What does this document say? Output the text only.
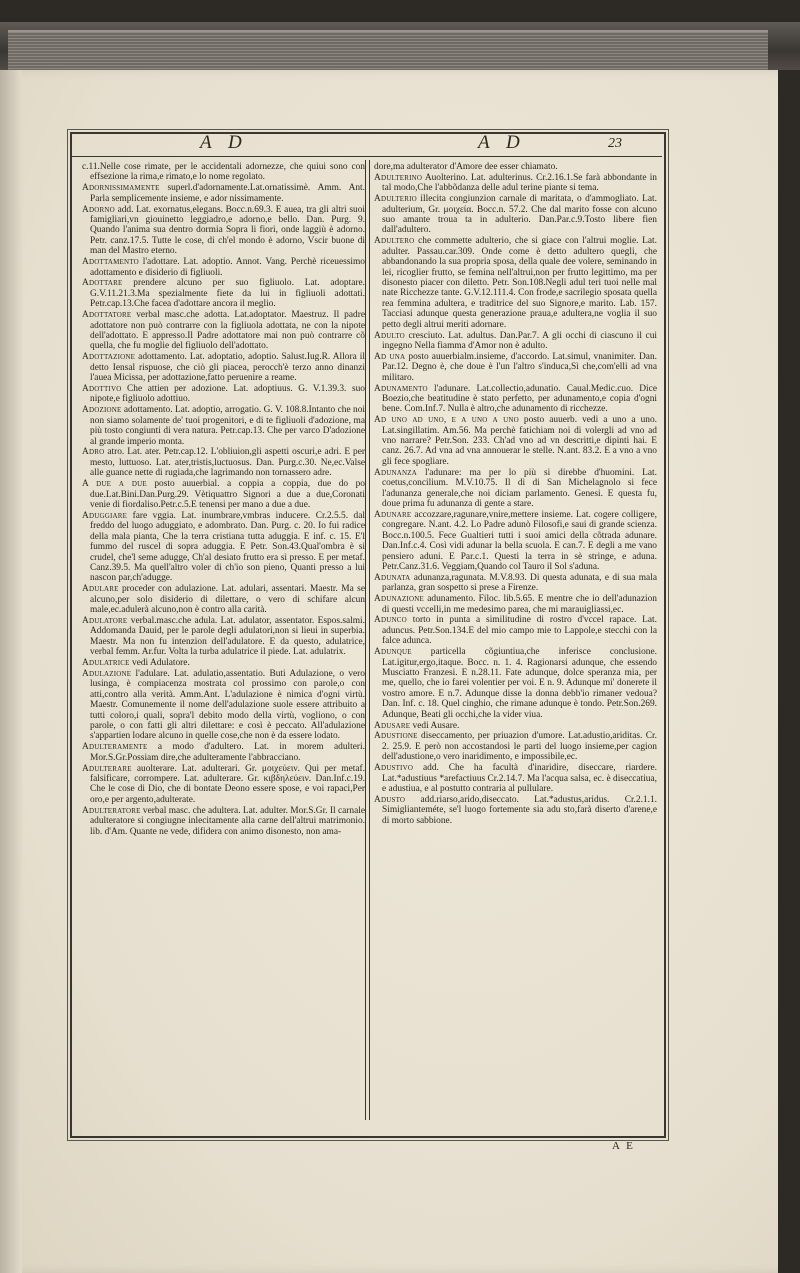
A D	A D	23

c.11.Nelle cose rimate, per le accidentali adornezze, che quiui sono con effsezione la rima,e rimato,e lo nome regolato.

Adornissimamente superl.d'adornamente.Lat.ornatissimè. Amm. Ant. Parla semplicemente insieme, e ador nissimamente.

Adorno add. Lat. exornatus,elegans. Bocc.n.69.3. E auea, tra gli altri suoi famigliari,vn giouinetto leggiadro,e adorno,e bello. Dan. Purg. 9. Quando l'anima sua dentro dormia Sopra li fiori, onde laggiù è adorno. Petr. canz.17.5. Tutte le cose, di ch'el mondo è adorno, Vscir buone di man del Mastro eterno.

Adottamento l'adottare. Lat. adoptio. Annot. Vang. Perchè riceuessimo adottamento e disiderio di figliuoli.

Adottare prendere alcuno per suo figliuolo. Lat. adoptare. G.V.11.21.3.Ma spezialmente fiete da lui in figliuoli adottati. Petr.cap.13.Che facea d'adottare ancora il meglio.

Adottatore verbal masc.che adotta. Lat.adoptator. Maestruz. Il padre adottatore non può contrarre con la figliuola adottata, ne con la nipote dell'adottato. E appresso.Il Padre adottatore mai non può contrarre cõ quella, che fu moglie del figliuolo dell'adottato.

Adottazione adottamento. Lat. adoptatio, adoptio. Salust.Iug.R. Allora il detto Iensal rispuose, che ciò gli piacea, perocch'è terzo anno dinanzi l'auea Micissa, per adottazione,fatto peruenire a reame.

Adottivo Che attien per adozione. Lat. adoptiuus. G. V.1.39.3. suo nipote,e figliuolo adottiuo.

Adozione adottamento. Lat. adoptio, arrogatio. G. V. 108.8.Intanto che noi non siamo solamente de' tuoi progenitori, e di te figliuoli d'adozione, ma più tosto congiunti di vera natura. Petr.cap.13. Che per varco D'adozione al grande imperio monta.

Adro atro. Lat. ater. Petr.cap.12. L'obliuion,gli aspetti oscuri,e adri. E per mesto, luttuoso. Lat. ater,tristis,luctuosus. Dan. Purg.c.30. Ne,ec.Valse alle guance nette di rugiada,che lagrimando non tornassero adre.

A due a due posto auuerbial. a coppia a coppia, due do po due.Lat.Bini.Dan.Purg.29. Vètiquattro Signori a due a due,Coronati venie di fiordaliso.Petr.c.5.E tenensi per mano a due a due.

Aduggiare fare vggia. Lat. inumbrare,vmbras inducere. Cr.2.5.5. dal freddo del luogo aduggiato, e adombrato. Dan. Purg. c. 20. Io fui radice della mala pianta, Che la terra cristiana tutta aduggia. E inf. c. 15. E'l fummo del ruscel di sopra aduggia. E Petr. Son.43.Qual'ombra è si crudel, che'l seme adugge, Ch'al desiato frutto era sì presso. E per metaf. Canz.39.5. Ma quell'altro voler di ch'io son pieno, Quanti presso a lui nascon par,ch'adugge.

Adulare proceder con adulazione. Lat. adulari, assentari. Maestr. Ma se alcuno,per solo disiderio di dilettare, o vero di schifare alcun male,ec.adulerà alcuno,non è contro alla carità.

Adulatore verbal.masc.che adula. Lat. adulator, assentator. Espos.salmi. Addomanda Dauid, per le parole degli adulatori,non si lieui in superbia. Maestr. Ma non fu intenzion dell'adulatore. E da questo, adulatrice, verbal femm. Ar.fur. Volta la turba adulatrice il piede. Lat. adulatrix.

Adulatrice vedi Adulatore.

Adulazione l'adulare. Lat. adulatio,assentatio. Buti Adulazione, o vero lusinga, è compiacenza mostrata col prossimo con parole,o con atti,contro alla verità. Amm.Ant. L'adulazione è nimica d'ogni virtù. Maestr. Comunemente il nome dell'adulazione suole essere attribuito a tutti coloro,i quali, sopra'l debito modo della virtù, vogliono, o con parole, o con fatti gli altri dilettare: e così è peccato. All'adulazione s'appartien lodare alcuno in quelle cose,che non è da essere lodato.

Adulteramente a modo d'adultero. Lat. in morem adulteri. Mor.S.Gr.Possiam dire,che adulteramente l'abbracciano.

Adulterare auolterare. Lat. adulterari. Gr. μοιχεύειν. Qui per metaf. falsificare, corrompere. Lat. adulterare. Gr. κιβδηλεύειν. Dan.Inf.c.19. Che le cose di Dio, che di bontate Deono essere spose, e voi rapaci,Per oro,e per argento,adulterate.

Adulteratore verbal masc. che adultera. Lat. adulter. Mor.S.Gr. Il carnale adulteratore si congiugne inlecitamente alla carne dell'altrui matrimonio. lib. d'Am. Quante ne vede, difidera con animo disonesto, non ama-

dore,ma adulterator d'Amore dee esser chiamato.

Adulterino Auolterino. Lat. adulterinus. Cr.2.16.1.Se farà abbondante in tal modo,Che l'abbõdanza delle adul terine piante si tema.

Adulterio illecita congiunzion carnale di maritata, o d'ammogliato. Lat. adulterium, Gr. μοιχεία. Bocc.n. 57.2. Che dal marito fosse con alcuno suo amante troua ta in adulterio. Dan.Par.c.9.Tosto libere fien dall'adultero.

Adultero che commette adulterio, che si giace con l'altrui moglie. Lat. adulter. Passau.car.309. Onde come è detto adultero quegli, che abbandonando la sua propria sposa, della quale dee volere, seminando in lei, ricoglier frutto, se femina nell'altrui,non per frutto legittimo, ma per disonesto piacer con diletto. Petr. Son.108.Negli adul teri tuoi nelle mal nate Ricchezze tante. G.V.12.111.4. Con frode,e sacrilegio sposata quella rea femmina adultera, e traditrice del suo Signore,e marito. Lab. 157. Tacciasi adunque questa generazione praua,e adultera,ne voglia il suo petto degli altrui meriti adornare.

Adulto cresciuto. Lat. adultus. Dan.Par.7. A gli occhi di ciascuno il cui ingegno Nella fiamma d'Amor non è adulto.

Ad una posto auuerbialm.insieme, d'accordo. Lat.simul, vnanimiter. Dan. Par.12. Degno è, che doue è l'un l'altro s'induca,Sì che,com'elli ad vna militaro.

Adunamento l'adunare. Lat.collectio,adunatio. Caual.Medic.cuo. Dice Boezio,che beatitudine è stato perfetto, per adunamento,e copia d'ogni bene. Com.Inf.7. Nulla è altro,che adunamento di ricchezze.

Ad uno ad uno, e a uno a uno posto auuerb. vedi a uno a uno. Lat.singillatim. Am.56. Ma perchè fatichiam noi di volergli ad vno ad vno narrare? Petr.Son. 233. Ch'ad vno ad vn descritti,e dipinti hai. E canz. 26.7. Ad vna ad vna annouerar le stelle. N.ant. 83.2. E a vno a vno gli fece spogliare.

Adunanza l'adunare: ma per lo più si direbbe d'huomini. Lat. coetus,concilium. M.V.10.75. Il dì di San Michelagnolo si fece l'adunanza generale,che noi diciam parlamento. Genesi. E questa fu, doue prima fu adunanza di gente a stare.

Adunare accozzare,ragunare,vnire,mettere insieme. Lat. cogere colligere, congregare. N.ant. 4.2. Lo Padre adunò Filosofi,e saui di grande scienza. Bocc.n.100.5. Fece Gualtieri tutti i suoi amici della cõtrada adunare. Dan.Inf.c.4. Così vidi adunar la bella scuola. E can.7. E degli a me vano pensiero aduni. E Par.c.1. Questi la terra in sè stringe, e aduna. Petr.Canz.31.6. Veggiam,Quando col Tauro il Sol s'aduna.

Adunata adunanza,ragunata. M.V.8.93. Di questa adunata, e di sua mala parlanza, gran sospetto si prese a Firenze.

Adunazione adunamento. Filoc. lib.5.65. E mentre che io dell'adunazion di questi vccelli,in me medesimo parea, che mi marauigliassi,ec.

Adunco torto in punta a similitudine di rostro d'vccel rapace. Lat. aduncus. Petr.Son.134.E del mio campo mie to Lappole,e stecchi con la falce adunca.

Adunque particella cõgiuntiua,che inferisce conclusione. Lat.igitur,ergo,itaque. Bocc. n. 1. 4. Ragionarsi adunque, che essendo Musciatto Franzesi. E n.28.11. Fate adunque, dolce speranza mia, per me, quello, che io farei volentier per voi. E n. 9. Adunque mi' donerete il vostro amore. E n.7. Adunque disse la donna debb'io rimaner vedoua? Dan. Inf. c. 18. Quel cinghio, che rimane adunque è tondo. Petr.Son.269. Adunque, Beati gli occhi,che la vider viua.

Adusare vedi Ausare.

Adustione diseccamento, per priuazion d'umore. Lat.adustio,ariditas. Cr. 2. 25.9. E però non accostandosi le parti del luogo insieme,per cagion dell'adustione,o vero inaridimento, e impossibile,ec.

Adustivo add. Che ha facultà d'inaridire, diseccare, riardere. Lat.*adustiuus *arefactiuus Cr.2.14.7. Ma l'acqua salsa, ec. è diseccatiua, e adustiua, e al postutto contraria al pullulare.

Adusto add.riarso,arido,diseccato. Lat.*adustus,aridus. Cr.2.1.1. Simiglianteméte, se'l luogo fortemente sia adu sto,farà diserto d'arene,e di morto sabbione.

A E
